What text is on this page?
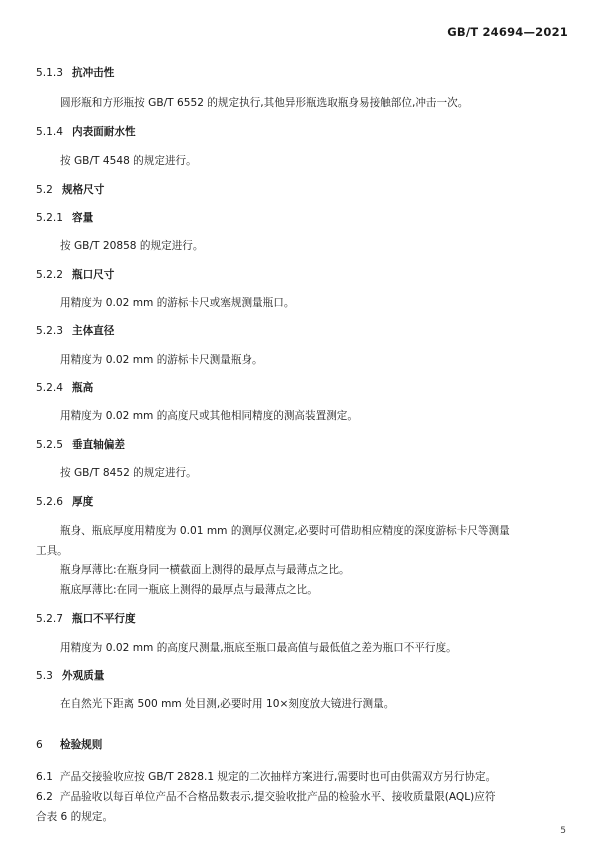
GB/T 24694—2021
5.1.3 抗冲击性
圆形瓶和方形瓶按 GB/T 6552 的规定执行,其他异形瓶选取瓶身易接触部位,冲击一次。
5.1.4 内表面耐水性
按 GB/T 4548 的规定进行。
5.2 规格尺寸
5.2.1 容量
按 GB/T 20858 的规定进行。
5.2.2 瓶口尺寸
用精度为 0.02 mm 的游标卡尺或塞规测量瓶口。
5.2.3 主体直径
用精度为 0.02 mm 的游标卡尺测量瓶身。
5.2.4 瓶高
用精度为 0.02 mm 的高度尺或其他相同精度的测高装置测定。
5.2.5 垂直轴偏差
按 GB/T 8452 的规定进行。
5.2.6 厚度
瓶身、瓶底厚度用精度为 0.01 mm 的测厚仪测定,必要时可借助相应精度的深度游标卡尺等测量
工具。
瓶身厚薄比:在瓶身同一横截面上测得的最厚点与最薄点之比。
瓶底厚薄比:在同一瓶底上测得的最厚点与最薄点之比。
5.2.7 瓶口不平行度
用精度为 0.02 mm 的高度尺测量,瓶底至瓶口最高值与最低值之差为瓶口不平行度。
5.3 外观质量
在自然光下距离 500 mm 处目测,必要时用 10×刻度放大镜进行测量。
6 检验规则
6.1 产品交接验收应按 GB/T 2828.1 规定的二次抽样方案进行,需要时也可由供需双方另行协定。
6.2 产品验收以每百单位产品不合格品数表示,提交验收批产品的检验水平、接收质量限(AQL)应符
合表 6 的规定。
5
